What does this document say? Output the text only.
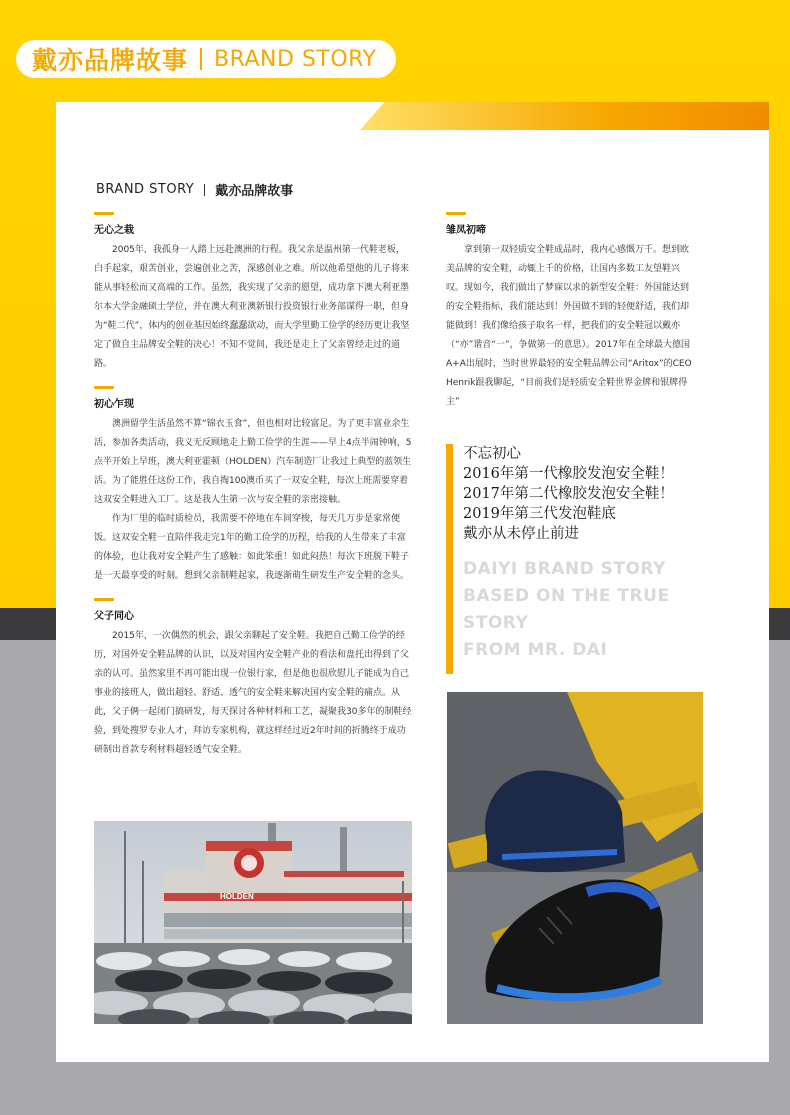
戴亦品牌故事 BRAND STORY
BRAND STORY 戴亦品牌故事
无心之栽

2005年，我孤身一人踏上远赴澳洲的行程。我父亲是温州第一代鞋老板，白手起家，艰苦创业，尝遍创业之苦，深感创业之难。所以他希望他的儿子将来能从事轻松而又高端的工作。虽然，我实现了父亲的愿望，成功拿下澳大利亚墨尔本大学金融硕士学位，并在澳大利亚澳新银行投资银行业务部谋得一职，但身为“鞋二代”，体内的创业基因始终蠢蠢欲动，而大学里勤工俭学的经历更让我坚定了做自主品牌安全鞋的决心！不知不觉间，我还是走上了父亲曾经走过的道路。

初心乍现

澳洲留学生活虽然不算“锦衣玉食”，但也相对比较富足。为了更丰富业余生活，参加各类活动，我义无反顾地走上勤工俭学的生涯——早上4点半闹钟响，5点半开始上早班，澳大利亚霍顿（HOLDEN）汽车制造厂让我过上典型的蓝领生活。为了能胜任这份工作，我自掏100澳币买了一双安全鞋，每次上班需要穿着这双安全鞋进入工厂。这是我人生第一次与安全鞋的亲密接触。

作为厂里的临时质检员，我需要不停地在车间穿梭，每天几万步是家常便饭。这双安全鞋一直陪伴我走完1年的勤工俭学的历程，给我的人生带来了丰富的体验，也让我对安全鞋产生了感触：如此笨重！如此闷热！每次下班脱下鞋子是一天最享受的时刻。想到父亲制鞋起家，我逐渐萌生研发生产安全鞋的念头。

父子同心

2015年，一次偶然的机会，跟父亲聊起了安全鞋。我把自己勤工俭学的经历，对国外安全鞋品牌的认识，以及对国内安全鞋产业的看法和盘托出得到了父亲的认可。虽然家里不再可能出现一位银行家，但是他也很欣慰儿子能成为自己事业的接班人，做出超轻、舒适、透气的安全鞋来解决国内安全鞋的痛点。从此，父子俩一起闭门搞研发，每天探讨各种材料和工艺，凝聚我30多年的制鞋经验，到处搜罗专业人才，拜访专家机构，就这样经过近2年时间的折腾终于成功研制出首款专利材料超轻透气安全鞋。

雏凤初啼

拿到第一双轻质安全鞋成品时，我内心感慨万千。想到欧美品牌的安全鞋，动辄上千的价格，让国内多数工友望鞋兴叹。现如今，我们做出了梦寐以求的新型安全鞋：外国能达到的安全鞋指标，我们能达到！外国做不到的轻便舒适，我们却能做到！我们像给孩子取名一样，把我们的安全鞋冠以戴亦（“亦”谐音“一”，争做第一的意思）。2017年在全球最大德国A+A出展时，当时世界最轻的安全鞋品牌公司“Aritox”的CEO Henrik跟我聊起，“目前我们是轻质安全鞋世界金牌和银牌得主”

不忘初心
2016年第一代橡胶发泡安全鞋！
2017年第二代橡胶发泡安全鞋！
2019年第三代发泡鞋底
戴亦从未停止前进
DAIYI BRAND STORY
BASED ON THE TRUE STORY
FROM MR. DAI
HOLDEN
